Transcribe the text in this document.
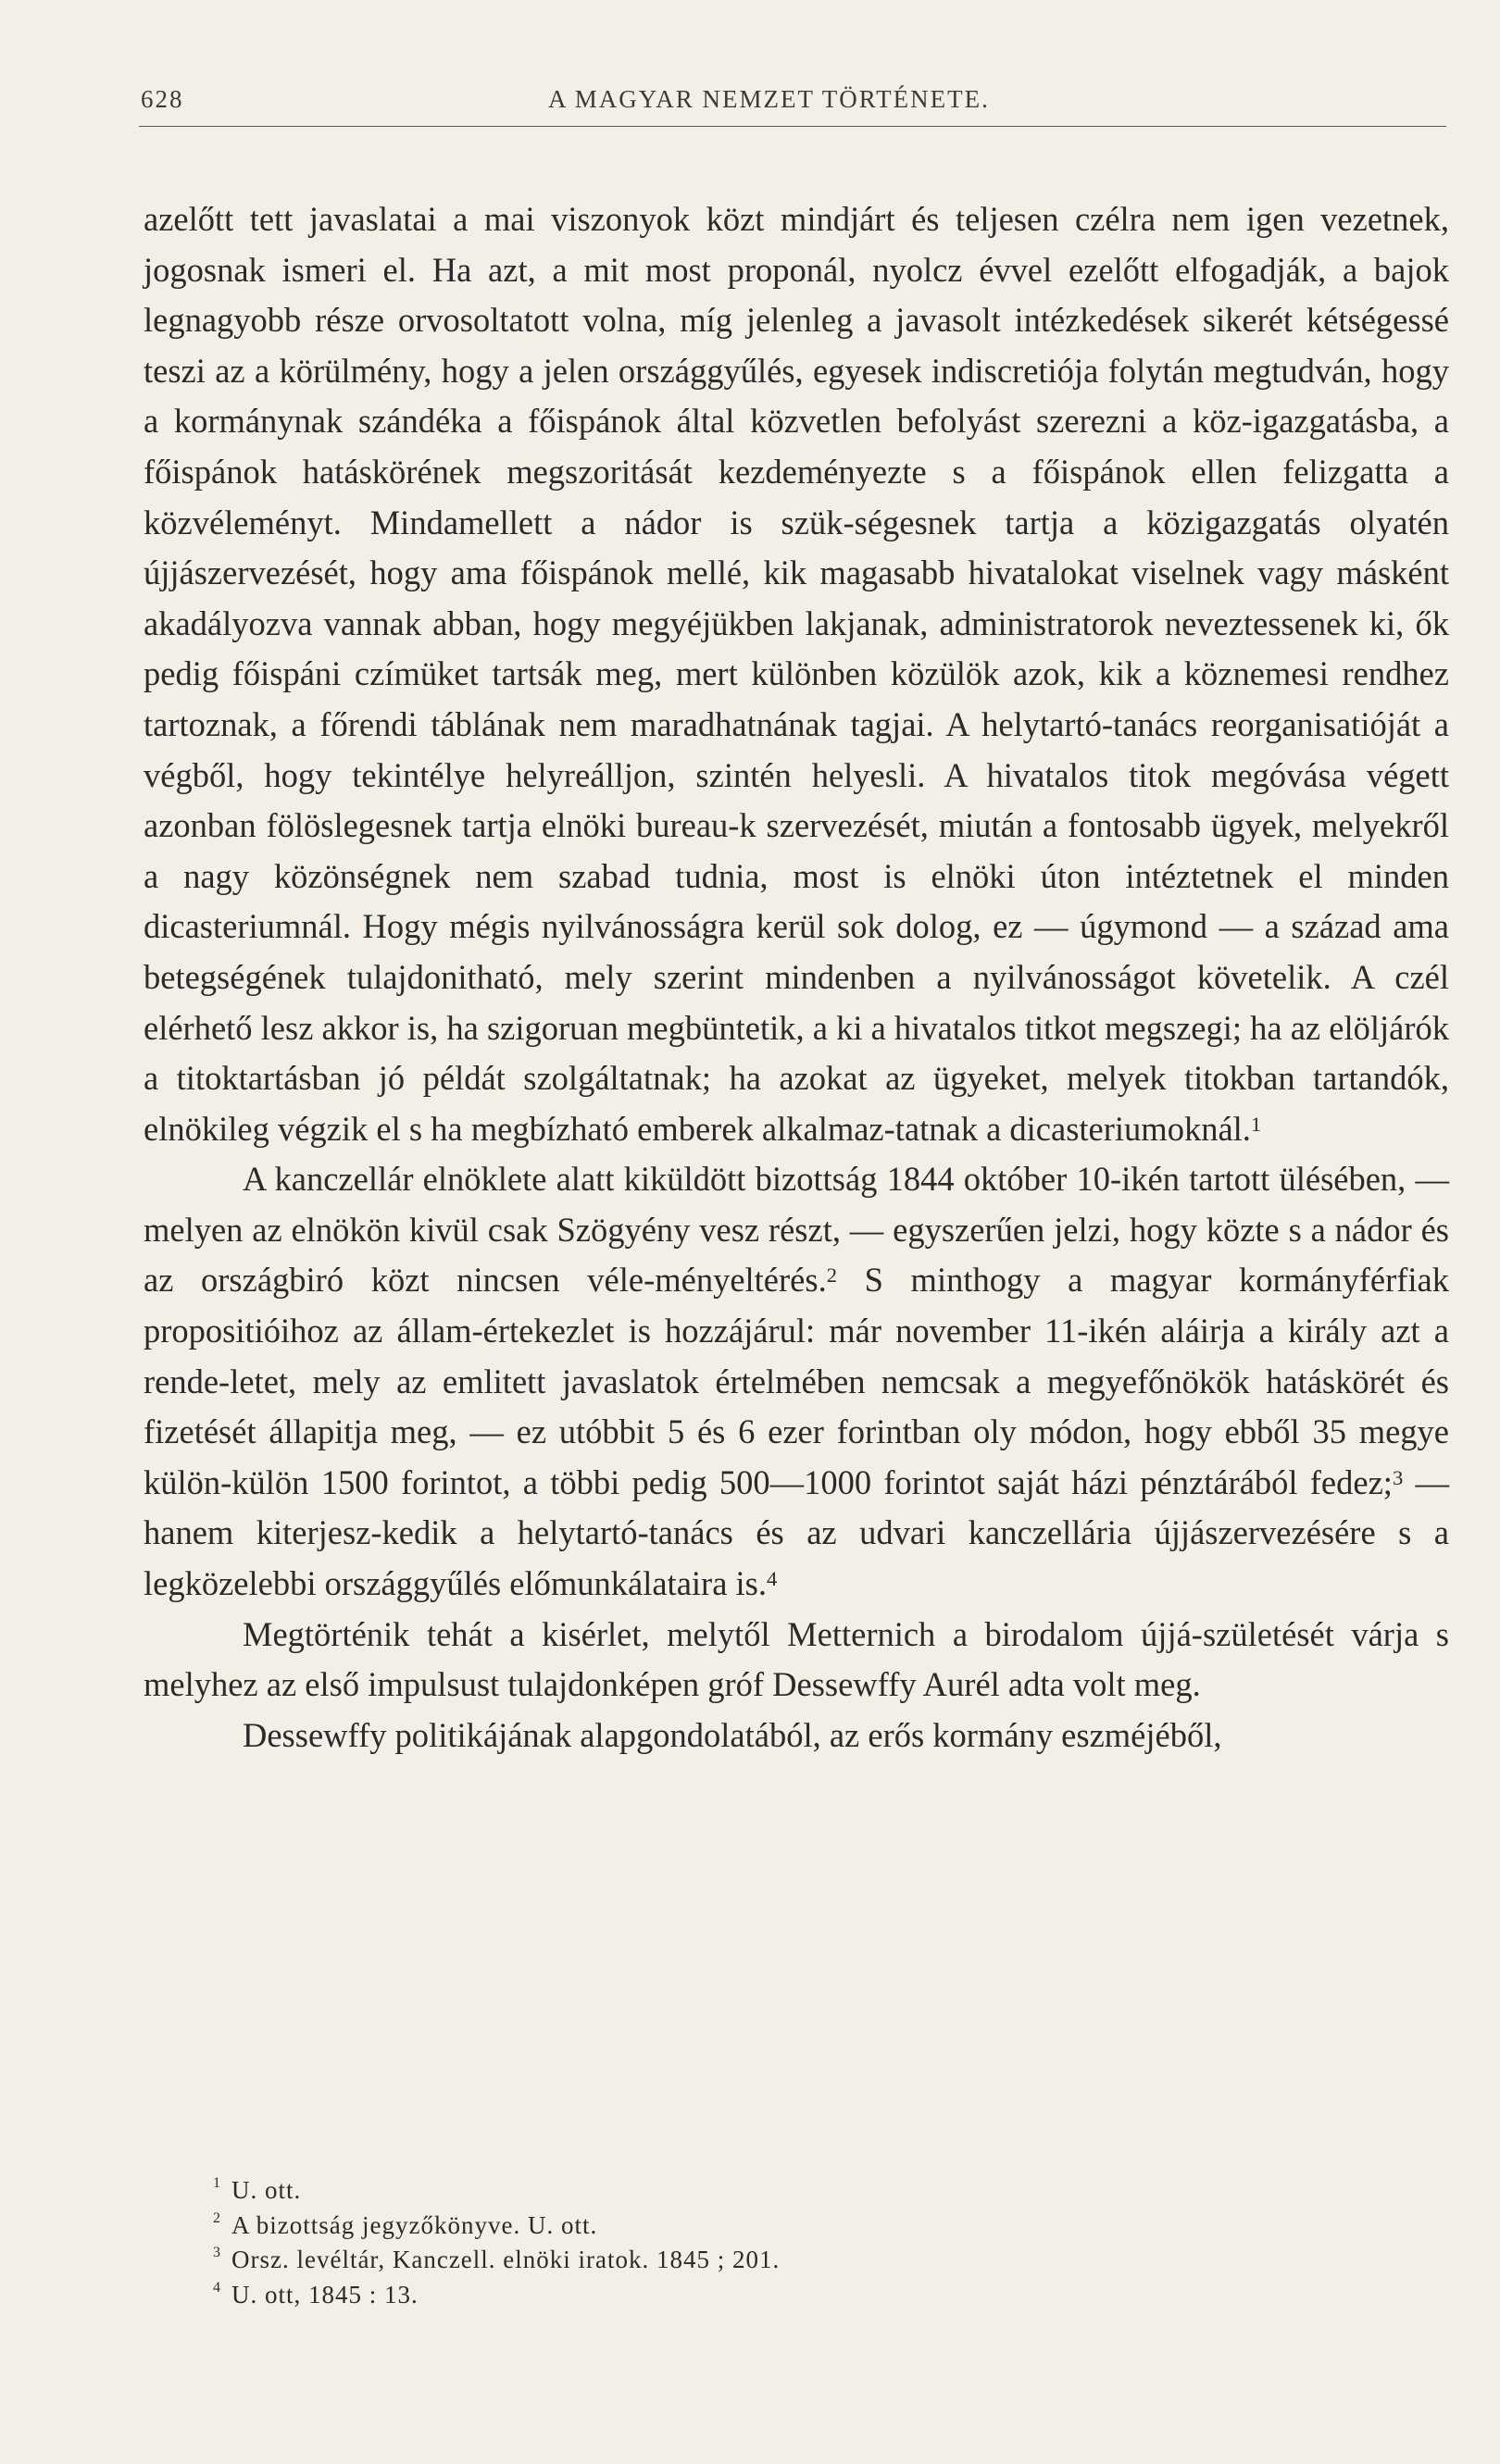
628	A MAGYAR NEMZET TÖRTÉNETE.

azelőtt tett javaslatai a mai viszonyok közt mindjárt és teljesen czélra nem igen vezetnek, jogosnak ismeri el. Ha azt, a mit most proponál, nyolcz évvel ezelőtt elfogadják, a bajok legnagyobb része orvosoltatott volna, míg jelenleg a javasolt intézkedések sikerét kétségessé teszi az a körülmény, hogy a jelen országgyűlés, egyesek indiscretiója folytán megtudván, hogy a kormánynak szándéka a főispánok által közvetlen befolyást szerezni a köz-igazgatásba, a főispánok hatáskörének megszoritását kezdeményezte s a főispánok ellen felizgatta a közvéleményt. Mindamellett a nádor is szük-ségesnek tartja a közigazgatás olyatén újjászervezését, hogy ama főispánok mellé, kik magasabb hivatalokat viselnek vagy másként akadályozva vannak abban, hogy megyéjükben lakjanak, administratorok neveztessenek ki, ők pedig főispáni czímüket tartsák meg, mert különben közülök azok, kik a köznemesi rendhez tartoznak, a főrendi táblának nem maradhatnának tagjai. A helytartó-tanács reorganisatióját a végből, hogy tekintélye helyreálljon, szintén helyesli. A hivatalos titok megóvása végett azonban fölöslegesnek tartja elnöki bureau-k szervezését, miután a fontosabb ügyek, melyekről a nagy közönségnek nem szabad tudnia, most is elnöki úton intéztetnek el minden dicasteriumnál. Hogy mégis nyilvánosságra kerül sok dolog, ez — úgymond — a század ama betegségének tulajdonitható, mely szerint mindenben a nyilvánosságot követelik. A czél elérhető lesz akkor is, ha szigoruan megbüntetik, a ki a hivatalos titkot megszegi; ha az elöljárók a titoktartásban jó példát szolgáltatnak; ha azokat az ügyeket, melyek titokban tartandók, elnökileg végzik el s ha megbízható emberek alkalmaz-tatnak a dicasteriumoknál.$^1$

A kanczellár elnöklete alatt kiküldött bizottság 1844 október 10-ikén tartott ülésében, — melyen az elnökön kivül csak Szögyény vesz részt, — egyszerűen jelzi, hogy közte s a nádor és az országbiró közt nincsen véle-ményeltérés.$^2$ S minthogy a magyar kormányférfiak propositióihoz az állam-értekezlet is hozzájárul: már november 11-ikén aláirja a király azt a rende-letet, mely az emlitett javaslatok értelmében nemcsak a megyefőnökök hatáskörét és fizetését állapitja meg, — ez utóbbit 5 és 6 ezer forintban oly módon, hogy ebből 35 megye külön-külön 1500 forintot, a többi pedig 500—1000 forintot saját házi pénztárából fedez;$^3$ — hanem kiterjesz-kedik a helytartó-tanács és az udvari kanczellária újjászervezésére s a legközelebbi országgyűlés előmunkálataira is.$^4$

Megtörténik tehát a kisérlet, melytől Metternich a birodalom újjá-születését várja s melyhez az első impulsust tulajdonképen gróf Dessewffy Aurél adta volt meg.

Dessewffy politikájának alapgondolatából, az erős kormány eszméjéből,

1 U. ott.
2 A bizottság jegyzőkönyve. U. ott.
3 Orsz. levéltár, Kanczell. elnöki iratok. 1845 ; 201.
4 U. ott, 1845 : 13.
